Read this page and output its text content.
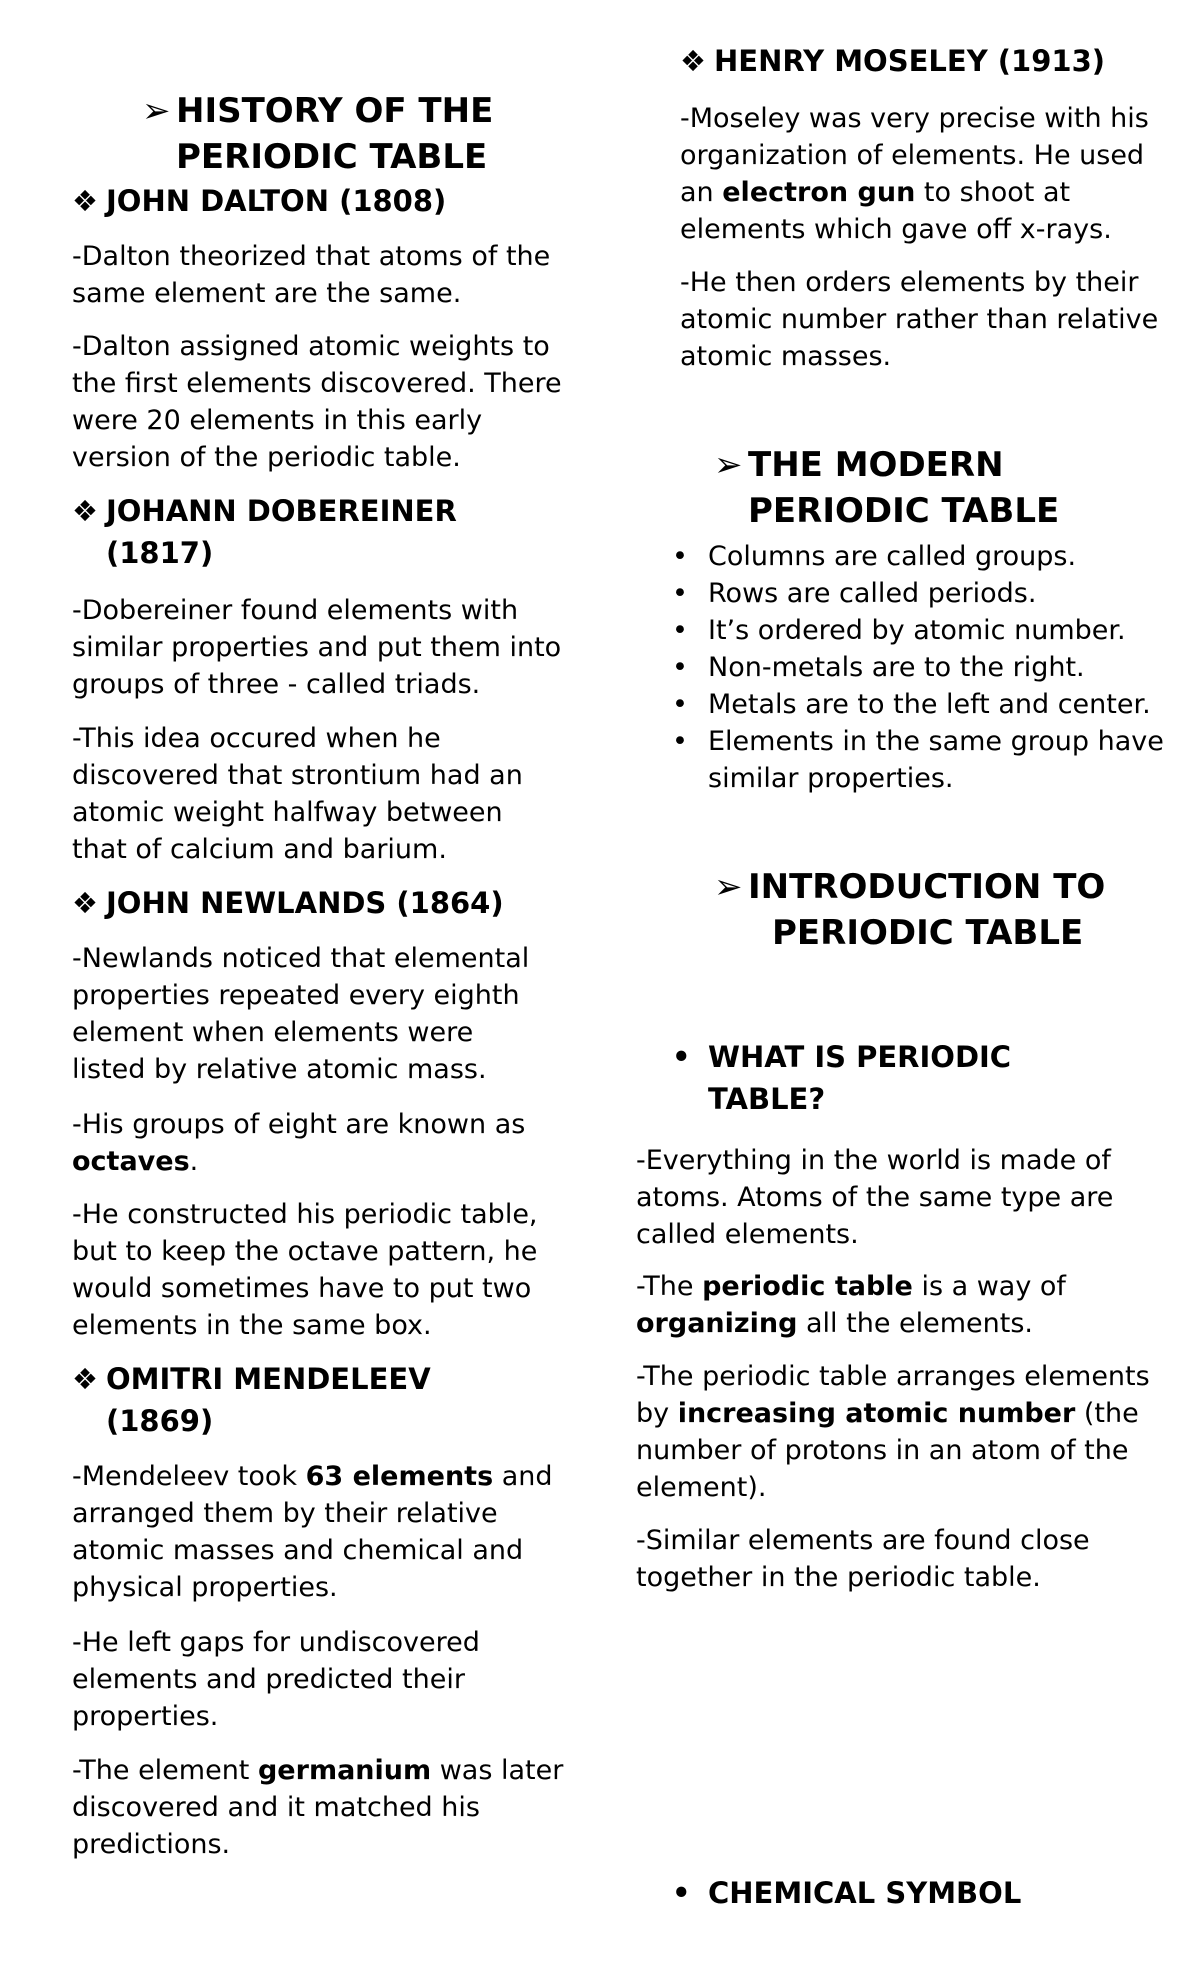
➢ HISTORY OF THE
PERIODIC TABLE
❖ JOHN DALTON (1808)

-Dalton theorized that atoms of the same element are the same.

-Dalton assigned atomic weights to the first elements discovered. There were 20 elements in this early version of the periodic table.

❖ JOHANN DOBEREINER
(1817)

-Dobereiner found elements with similar properties and put them into groups of three - called triads.

-This idea occured when he discovered that strontium had an atomic weight halfway between that of calcium and barium.

❖ JOHN NEWLANDS (1864)

-Newlands noticed that elemental properties repeated every eighth element when elements were listed by relative atomic mass.

-His groups of eight are known as octaves.

-He constructed his periodic table, but to keep the octave pattern, he would sometimes have to put two elements in the same box.

❖ OMITRI MENDELEEV
(1869)

-Mendeleev took 63 elements and arranged them by their relative atomic masses and chemical and physical properties.

-He left gaps for undiscovered elements and predicted their properties.

-The element germanium was later discovered and it matched his predictions.

❖ HENRY MOSELEY (1913)

-Moseley was very precise with his organization of elements. He used an electron gun to shoot at elements which gave off x-rays.

-He then orders elements by their atomic number rather than relative atomic masses.

➢ THE MODERN
PERIODIC TABLE
• Columns are called groups.
• Rows are called periods.
• It’s ordered by atomic number.
• Non-metals are to the right.
• Metals are to the left and center.
• Elements in the same group have similar properties.
➢ INTRODUCTION TO
PERIODIC TABLE
• WHAT IS PERIODIC TABLE?

-Everything in the world is made of atoms. Atoms of the same type are called elements.

-The periodic table is a way of organizing all the elements.

-The periodic table arranges elements by increasing atomic number (the number of protons in an atom of the element).

-Similar elements are found close together in the periodic table.

• CHEMICAL SYMBOL
